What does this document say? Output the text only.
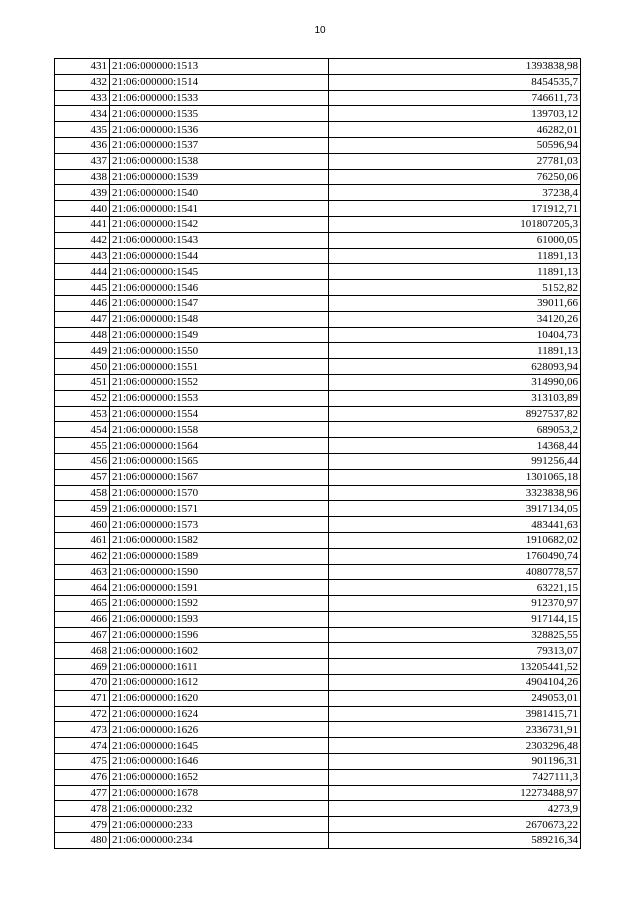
10
431	21:06:000000:1513	1393838,98
432	21:06:000000:1514	8454535,7
433	21:06:000000:1533	746611,73
434	21:06:000000:1535	139703,12
435	21:06:000000:1536	46282,01
436	21:06:000000:1537	50596,94
437	21:06:000000:1538	27781,03
438	21:06:000000:1539	76250,06
439	21:06:000000:1540	37238,4
440	21:06:000000:1541	171912,71
441	21:06:000000:1542	101807205,3
442	21:06:000000:1543	61000,05
443	21:06:000000:1544	11891,13
444	21:06:000000:1545	11891,13
445	21:06:000000:1546	5152,82
446	21:06:000000:1547	39011,66
447	21:06:000000:1548	34120,26
448	21:06:000000:1549	10404,73
449	21:06:000000:1550	11891,13
450	21:06:000000:1551	628093,94
451	21:06:000000:1552	314990,06
452	21:06:000000:1553	313103,89
453	21:06:000000:1554	8927537,82
454	21:06:000000:1558	689053,2
455	21:06:000000:1564	14368,44
456	21:06:000000:1565	991256,44
457	21:06:000000:1567	1301065,18
458	21:06:000000:1570	3323838,96
459	21:06:000000:1571	3917134,05
460	21:06:000000:1573	483441,63
461	21:06:000000:1582	1910682,02
462	21:06:000000:1589	1760490,74
463	21:06:000000:1590	4080778,57
464	21:06:000000:1591	63221,15
465	21:06:000000:1592	912370,97
466	21:06:000000:1593	917144,15
467	21:06:000000:1596	328825,55
468	21:06:000000:1602	79313,07
469	21:06:000000:1611	13205441,52
470	21:06:000000:1612	4904104,26
471	21:06:000000:1620	249053,01
472	21:06:000000:1624	3981415,71
473	21:06:000000:1626	2336731,91
474	21:06:000000:1645	2303296,48
475	21:06:000000:1646	901196,31
476	21:06:000000:1652	7427111,3
477	21:06:000000:1678	12273488,97
478	21:06:000000:232	4273,9
479	21:06:000000:233	2670673,22
480	21:06:000000:234	589216,34
